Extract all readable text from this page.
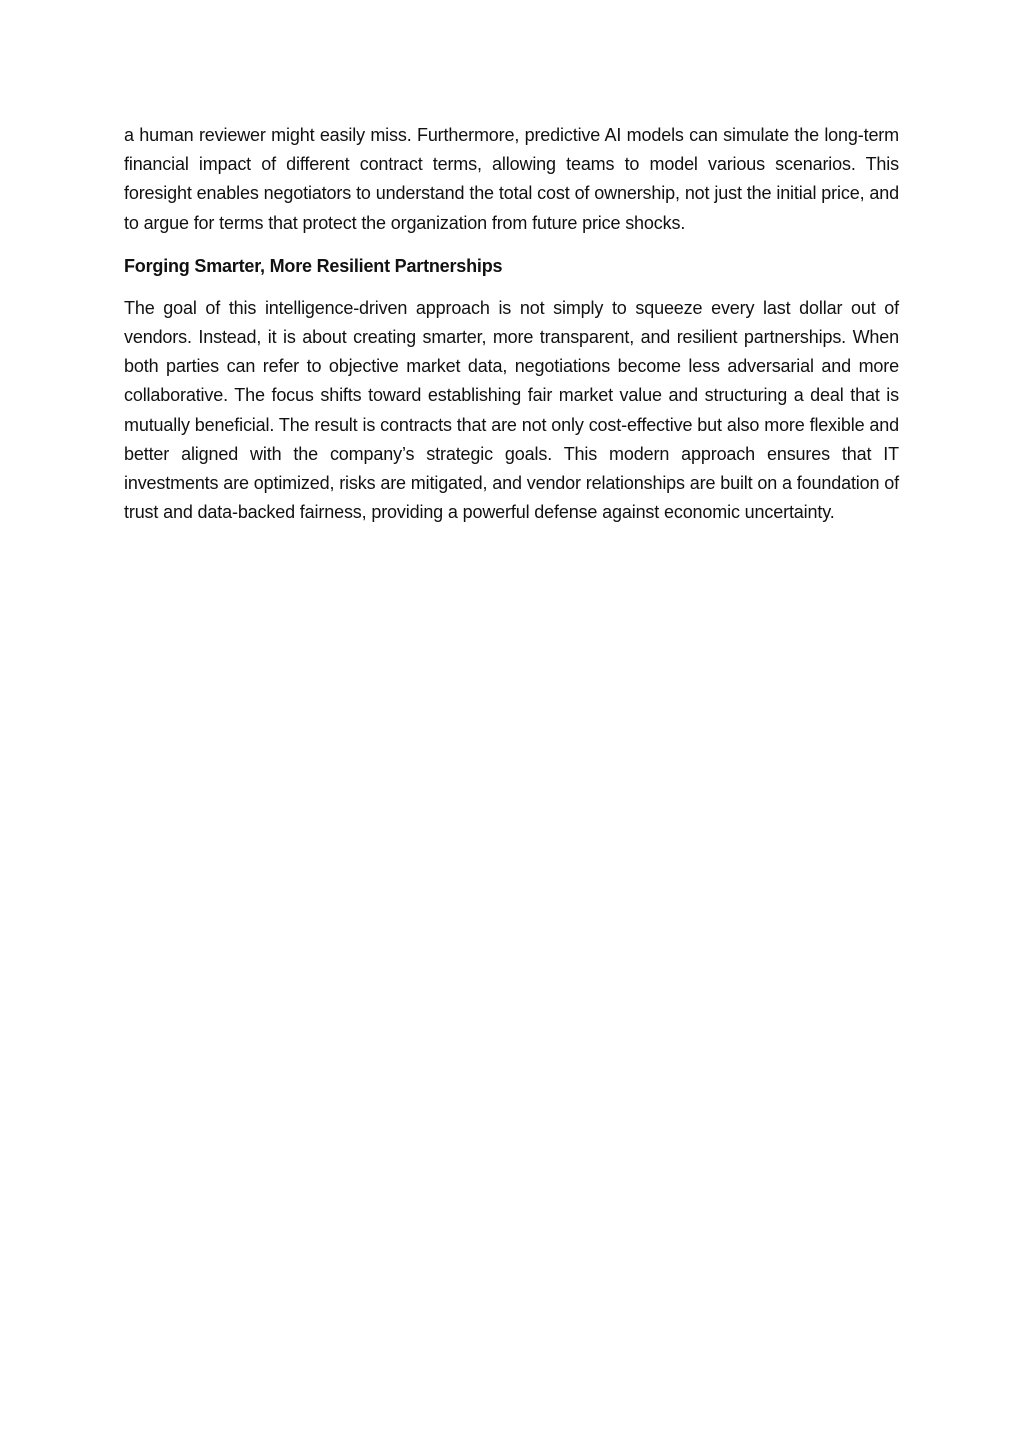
a human reviewer might easily miss. Furthermore, predictive AI models can simulate the long-term financial impact of different contract terms, allowing teams to model various scenarios. This foresight enables negotiators to understand the total cost of ownership, not just the initial price, and to argue for terms that protect the organization from future price shocks.

Forging Smarter, More Resilient Partnerships

The goal of this intelligence-driven approach is not simply to squeeze every last dollar out of vendors. Instead, it is about creating smarter, more transparent, and resilient partnerships. When both parties can refer to objective market data, negotiations become less adversarial and more collaborative. The focus shifts toward establishing fair market value and structuring a deal that is mutually beneficial. The result is contracts that are not only cost-effective but also more flexible and better aligned with the company’s strategic goals. This modern approach ensures that IT investments are optimized, risks are mitigated, and vendor relationships are built on a foundation of trust and data-backed fairness, providing a powerful defense against economic uncertainty.
